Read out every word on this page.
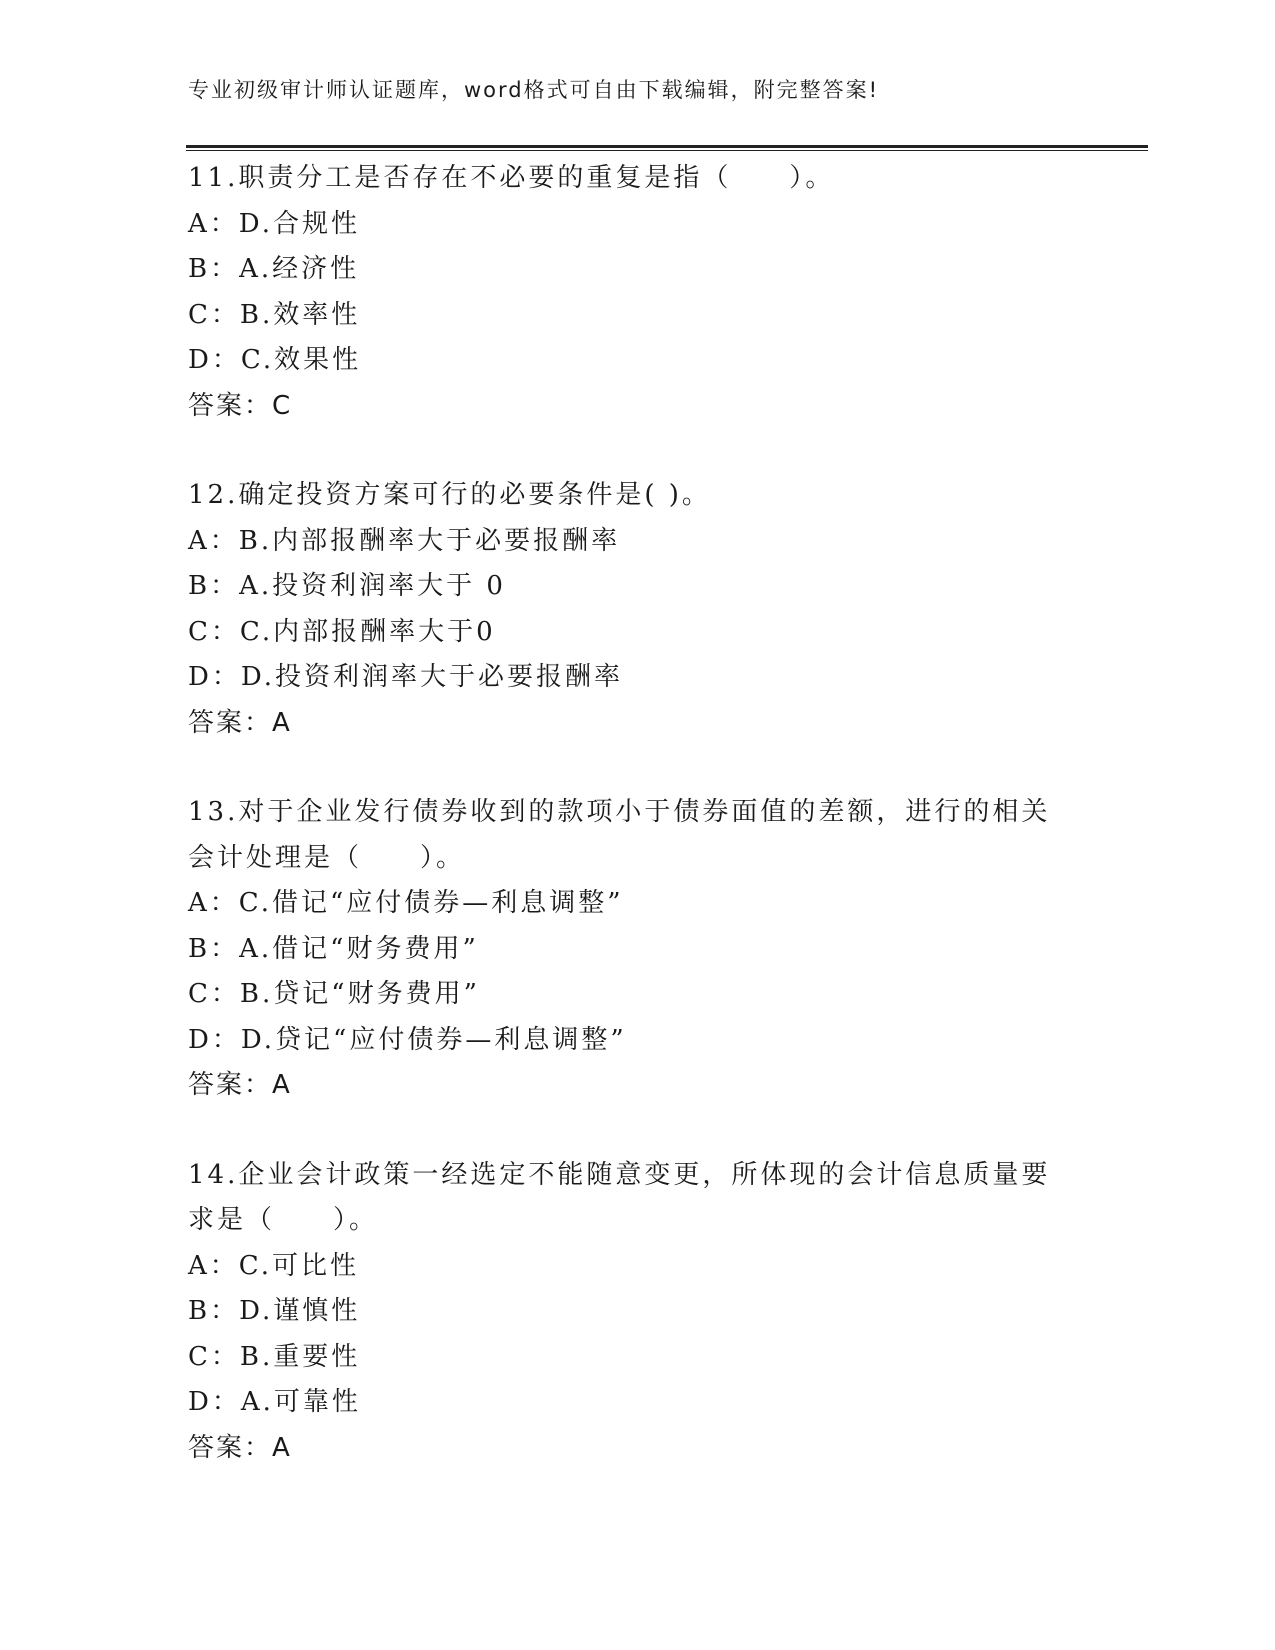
专业初级审计师认证题库，word格式可自由下载编辑，附完整答案!

11.职责分工是否存在不必要的重复是指（　　）。

A：D.合规性

B：A.经济性

C：B.效率性

D：C.效果性

答案：C

12.确定投资方案可行的必要条件是( )。

A：B.内部报酬率大于必要报酬率

B：A.投资利润率大于 0

C：C.内部报酬率大于0

D：D.投资利润率大于必要报酬率

答案：A

13.对于企业发行债券收到的款项小于债券面值的差额，进行的相关会计处理是（　　）。

A：C.借记“应付债券—利息调整”

B：A.借记“财务费用”

C：B.贷记“财务费用”

D：D.贷记“应付债券—利息调整”

答案：A

14.企业会计政策一经选定不能随意变更，所体现的会计信息质量要求是（　　）。

A：C.可比性

B：D.谨慎性

C：B.重要性

D：A.可靠性

答案：A
